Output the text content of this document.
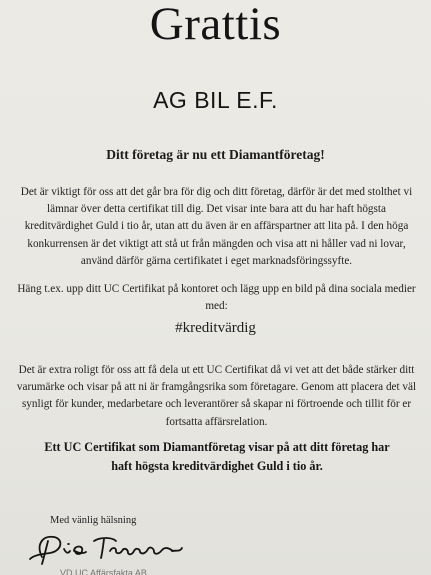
Grattis
AG BIL E.F.
Ditt företag är nu ett Diamantföretag!
Det är viktigt för oss att det går bra för dig och ditt företag, därför är det med stolthet vi lämnar över detta certifikat till dig. Det visar inte bara att du har haft högsta kreditvärdighet Guld i tio år, utan att du även är en affärspartner att lita på. I den höga konkurrensen är det viktigt att stå ut från mängden och visa att ni håller vad ni lovar, använd därför gärna certifikatet i eget marknadsföringssyfte.
Häng t.ex. upp ditt UC Certifikat på kontoret och lägg upp en bild på dina sociala medier med:
#kreditvärdig
Det är extra roligt för oss att få dela ut ett UC Certifikat då vi vet att det både stärker ditt varumärke och visar på att ni är framgångsrika som företagare. Genom att placera det väl synligt för kunder, medarbetare och leverantörer så skapar ni förtroende och tillit för er fortsatta affärsrelation.
Ett UC Certifikat som Diamantföretag visar på att ditt företag har haft högsta kreditvärdighet Guld i tio år.
Med vänlig hälsning
VD UC Affärsfakta AB
